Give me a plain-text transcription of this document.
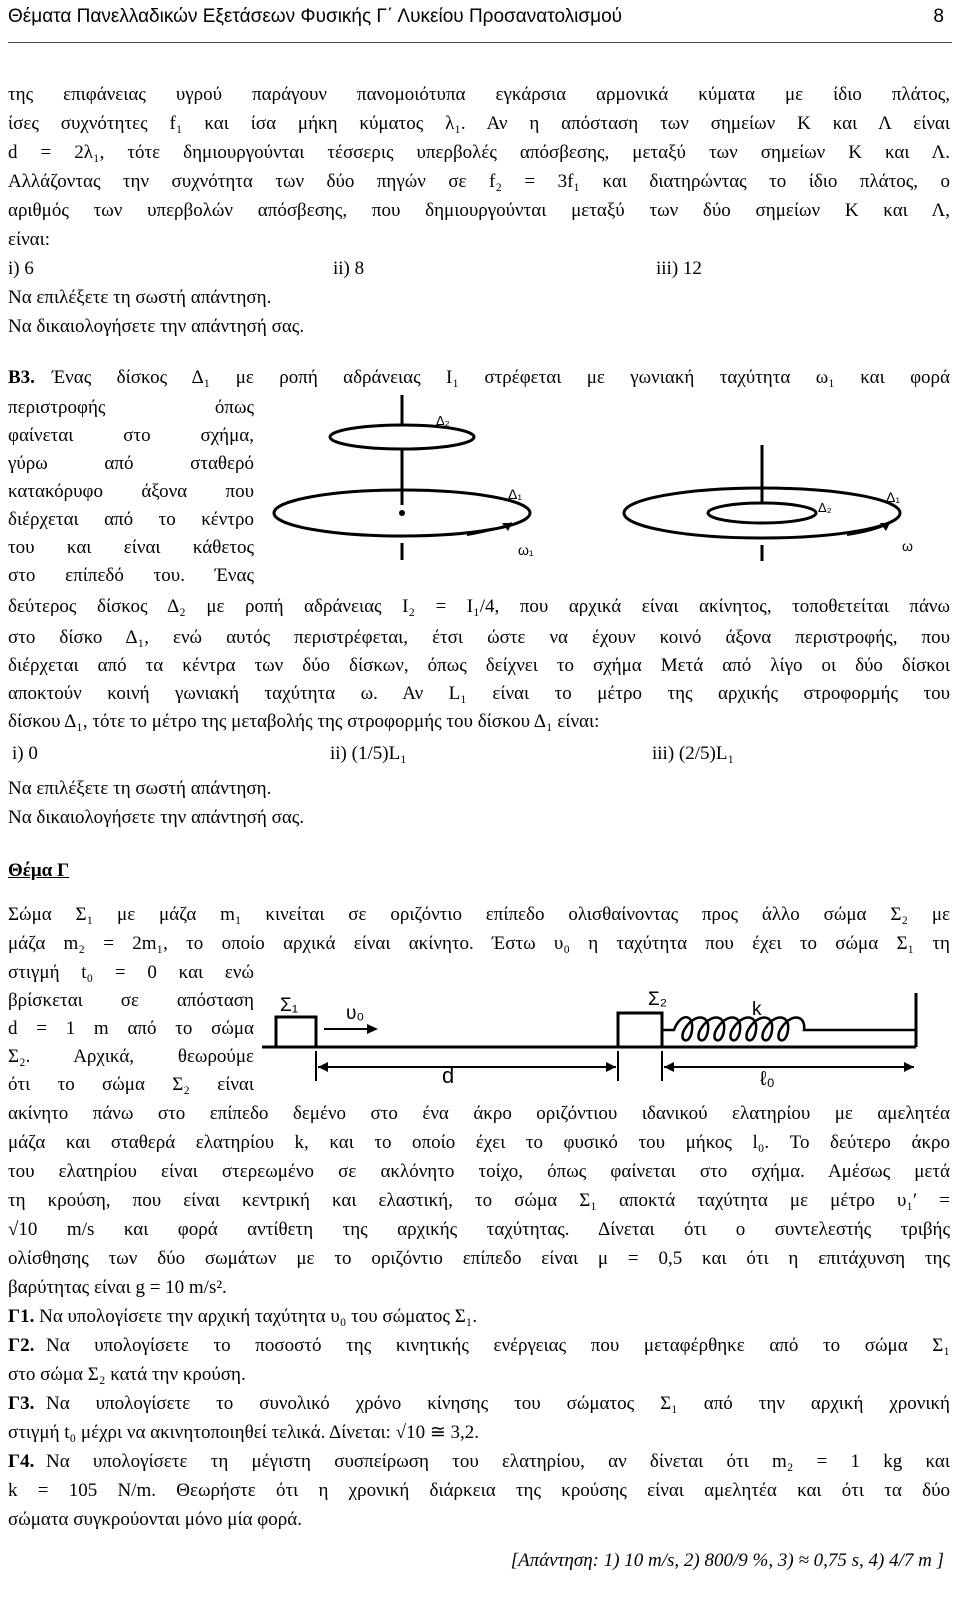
Θέματα Πανελλαδικών Εξετάσεων Φυσικής Γ΄ Λυκείου Προσανατολισμού	8
της επιφάνειας υγρού παράγουν πανομοιότυπα εγκάρσια αρμονικά κύματα με ίδιο πλάτος,
ίσες συχνότητες f₁ και ίσα μήκη κύματος λ₁. Αν η απόσταση των σημείων Κ και Λ είναι
d = 2λ₁, τότε δημιουργούνται τέσσερις υπερβολές απόσβεσης, μεταξύ των σημείων Κ και Λ.
Αλλάζοντας την συχνότητα των δύο πηγών σε f₂ = 3f₁ και διατηρώντας το ίδιο πλάτος, ο
αριθμός των υπερβολών απόσβεσης, που δημιουργούνται μεταξύ των δύο σημείων Κ και Λ,
είναι:
i) 6	ii) 8	iii) 12
Να επιλέξετε τη σωστή απάντηση.
Να δικαιολογήσετε την απάντησή σας.
Β3. Ένας δίσκος Δ₁ με ροπή αδράνειας I₁ στρέφεται με γωνιακή ταχύτητα ω₁ και φορά
περιστροφής όπως
φαίνεται στο σχήμα,
γύρω από σταθερό
κατακόρυφο άξονα που
διέρχεται από το κέντρο
του και είναι κάθετος
στο επίπεδό του. Ένας
Δ₂
Δ₁
ω₁
Δ₂
Δ₁
ω
δεύτερος δίσκος Δ₂ με ροπή αδράνειας I₂ = I₁/4, που αρχικά είναι ακίνητος, τοποθετείται πάνω
στο δίσκο Δ₁, ενώ αυτός περιστρέφεται, έτσι ώστε να έχουν κοινό άξονα περιστροφής, που
διέρχεται από τα κέντρα των δύο δίσκων, όπως δείχνει το σχήμα Μετά από λίγο οι δύο δίσκοι
αποκτούν κοινή γωνιακή ταχύτητα ω. Αν L₁ είναι το μέτρο της αρχικής στροφορμής του
δίσκου Δ₁, τότε το μέτρο της μεταβολής της στροφορμής του δίσκου Δ₁ είναι:
i) 0	ii) (1/5)L₁	iii) (2/5)L₁
Να επιλέξετε τη σωστή απάντηση.
Να δικαιολογήσετε την απάντησή σας.
Θέμα Γ
Σώμα Σ₁ με μάζα m₁ κινείται σε οριζόντιο επίπεδο ολισθαίνοντας προς άλλο σώμα Σ₂ με
μάζα m₂ = 2m₁, το οποίο αρχικά είναι ακίνητο. Έστω υ₀ η ταχύτητα που έχει το σώμα Σ₁ τη
στιγμή t₀ = 0 και ενώ
βρίσκεται σε απόσταση
d = 1 m από το σώμα
Σ₂. Αρχικά, θεωρούμε
ότι το σώμα Σ₂ είναι
Σ₁	υ₀
Σ₂	k
d	ℓ₀
ακίνητο πάνω στο επίπεδο δεμένο στο ένα άκρο οριζόντιου ιδανικού ελατηρίου με αμελητέα
μάζα και σταθερά ελατηρίου k, και το οποίο έχει το φυσικό του μήκος l₀. Το δεύτερο άκρο
του ελατηρίου είναι στερεωμένο σε ακλόνητο τοίχο, όπως φαίνεται στο σχήμα. Αμέσως μετά
τη κρούση, που είναι κεντρική και ελαστική, το σώμα Σ₁ αποκτά ταχύτητα με μέτρο υ₁′ =
√10 m/s και φορά αντίθετη της αρχικής ταχύτητας. Δίνεται ότι ο συντελεστής τριβής
ολίσθησης των δύο σωμάτων με το οριζόντιο επίπεδο είναι μ = 0,5 και ότι η επιτάχυνση της
βαρύτητας είναι g = 10 m/s².
Γ1. Να υπολογίσετε την αρχική ταχύτητα υ₀ του σώματος Σ₁.
Γ2. Να υπολογίσετε το ποσοστό της κινητικής ενέργειας που μεταφέρθηκε από το σώμα Σ₁
στο σώμα Σ₂ κατά την κρούση.
Γ3. Να υπολογίσετε το συνολικό χρόνο κίνησης του σώματος Σ₁ από την αρχική χρονική
στιγμή t₀ μέχρι να ακινητοποιηθεί τελικά. Δίνεται: √10 ≅ 3,2.
Γ4. Να υπολογίσετε τη μέγιστη συσπείρωση του ελατηρίου, αν δίνεται ότι m₂ = 1 kg και
k = 105 N/m. Θεωρήστε ότι η χρονική διάρκεια της κρούσης είναι αμελητέα και ότι τα δύο
σώματα συγκρούονται μόνο μία φορά.
[Απάντηση: 1) 10 m/s, 2) 800/9 %, 3) ≈ 0,75 s, 4) 4/7 m ]
